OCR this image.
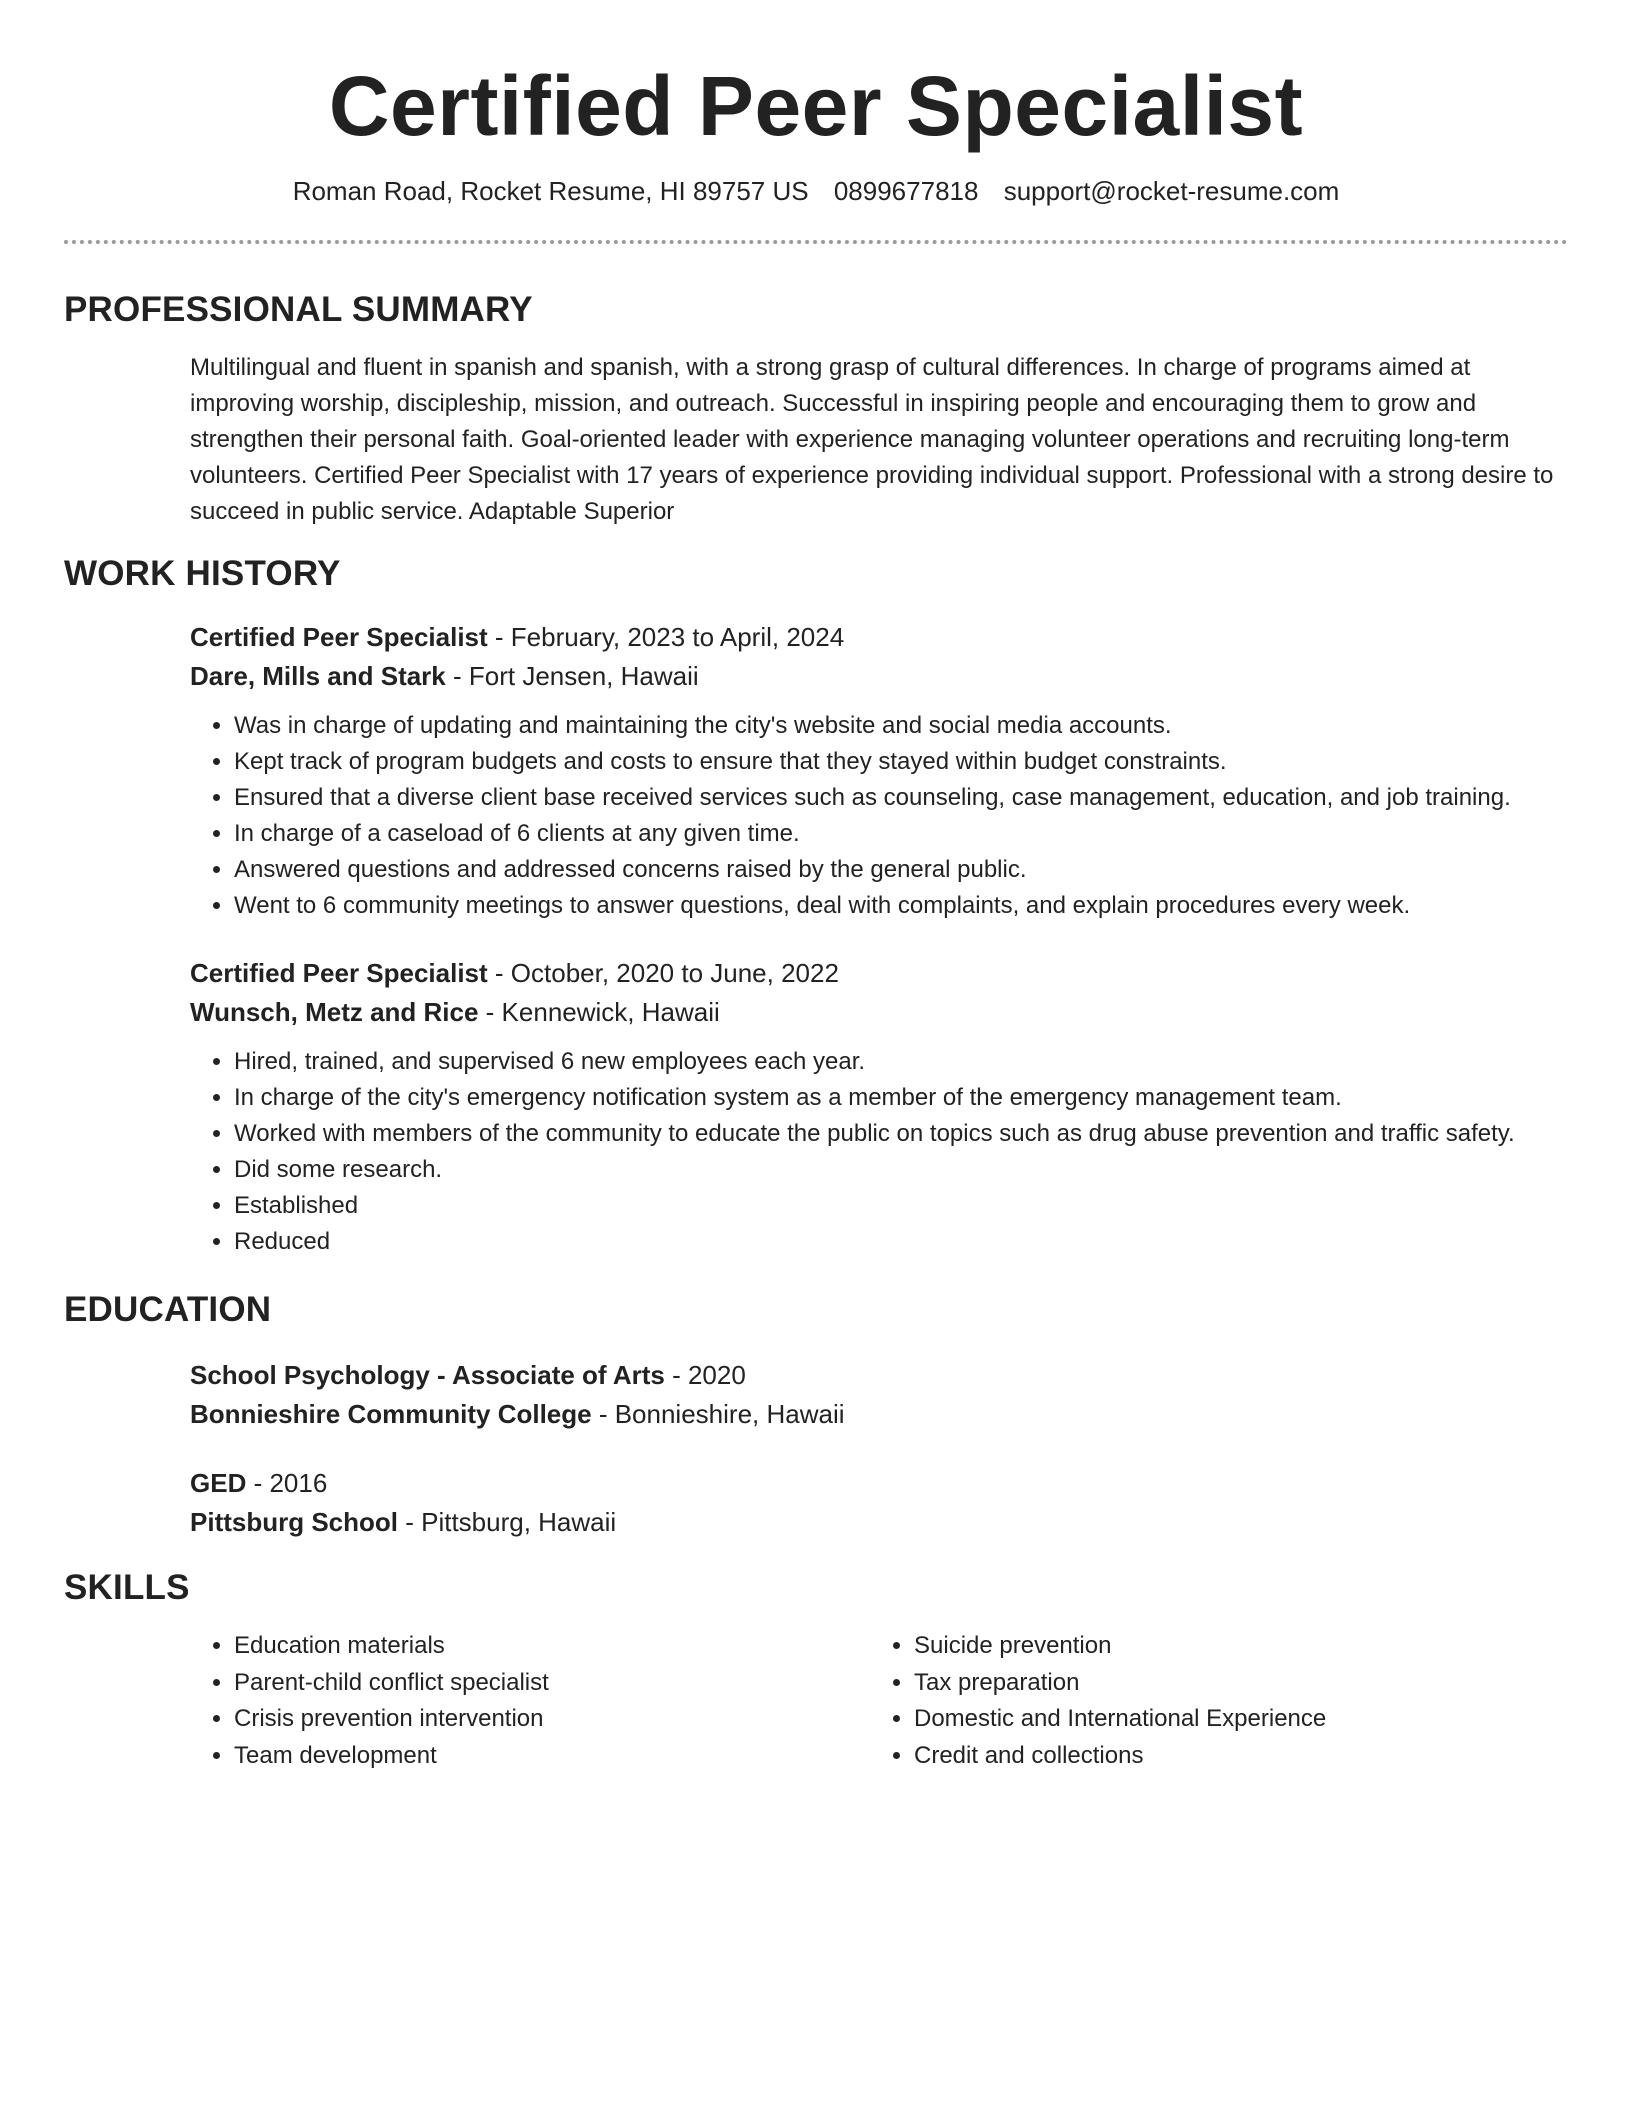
Certified Peer Specialist
Roman Road, Rocket Resume, HI 89757 US 0899677818 support@rocket-resume.com
PROFESSIONAL SUMMARY

Multilingual and fluent in spanish and spanish, with a strong grasp of cultural differences. In charge of programs aimed at improving worship, discipleship, mission, and outreach. Successful in inspiring people and encouraging them to grow and strengthen their personal faith. Goal-oriented leader with experience managing volunteer operations and recruiting long-term volunteers. Certified Peer Specialist with 17 years of experience providing individual support. Professional with a strong desire to succeed in public service. Adaptable Superior

WORK HISTORY
Certified Peer Specialist - February, 2023 to April, 2024
Dare, Mills and Stark - Fort Jensen, Hawaii
• Was in charge of updating and maintaining the city's website and social media accounts.
• Kept track of program budgets and costs to ensure that they stayed within budget constraints.
• Ensured that a diverse client base received services such as counseling, case management, education, and job training.
• In charge of a caseload of 6 clients at any given time.
• Answered questions and addressed concerns raised by the general public.
• Went to 6 community meetings to answer questions, deal with complaints, and explain procedures every week.
Certified Peer Specialist - October, 2020 to June, 2022
Wunsch, Metz and Rice - Kennewick, Hawaii
• Hired, trained, and supervised 6 new employees each year.
• In charge of the city's emergency notification system as a member of the emergency management team.
• Worked with members of the community to educate the public on topics such as drug abuse prevention and traffic safety.
• Did some research.
• Established
• Reduced
EDUCATION
School Psychology - Associate of Arts - 2020
Bonnieshire Community College - Bonnieshire, Hawaii
GED - 2016
Pittsburg School - Pittsburg, Hawaii
SKILLS
• Education materials
• Parent-child conflict specialist
• Crisis prevention intervention
• Team development
• Suicide prevention
• Tax preparation
• Domestic and International Experience
• Credit and collections
